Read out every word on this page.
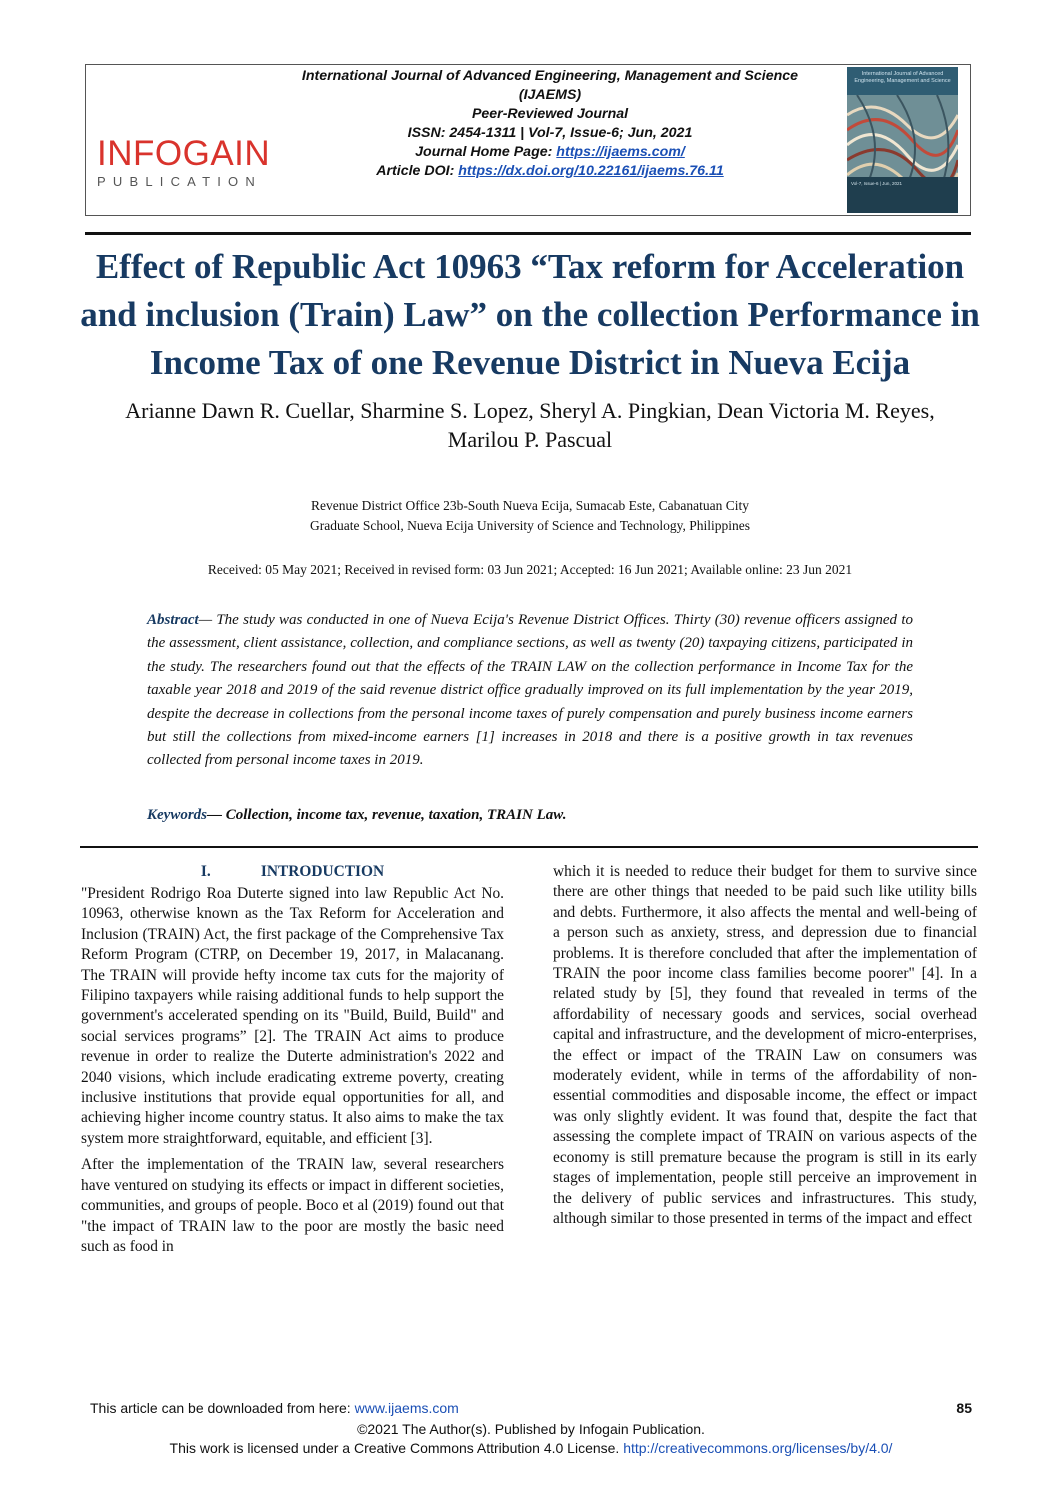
INFOGAIN
PUBLICATION
International Journal of Advanced Engineering, Management and Science
(IJAEMS)
Peer-Reviewed Journal
ISSN: 2454-1311 | Vol-7, Issue-6; Jun, 2021
Journal Home Page: https://ijaems.com/
Article DOI: https://dx.doi.org/10.22161/ijaems.76.11
International Journal of Advanced Engineering, Management and Science
Vol-7, Issue-6 | Jun, 2021
Effect of Republic Act 10963 “Tax reform for Acceleration and inclusion (Train) Law” on the collection Performance in Income Tax of one Revenue District in Nueva Ecija
Arianne Dawn R. Cuellar, Sharmine S. Lopez, Sheryl A. Pingkian, Dean Victoria M. Reyes, Marilou P. Pascual
Revenue District Office 23b-South Nueva Ecija, Sumacab Este, Cabanatuan City
Graduate School, Nueva Ecija University of Science and Technology, Philippines
Received: 05 May 2021; Received in revised form: 03 Jun 2021; Accepted: 16 Jun 2021; Available online: 23 Jun 2021
Abstract— The study was conducted in one of Nueva Ecija's Revenue District Offices. Thirty (30) revenue officers assigned to the assessment, client assistance, collection, and compliance sections, as well as twenty (20) taxpaying citizens, participated in the study. The researchers found out that the effects of the TRAIN LAW on the collection performance in Income Tax for the taxable year 2018 and 2019 of the said revenue district office gradually improved on its full implementation by the year 2019, despite the decrease in collections from the personal income taxes of purely compensation and purely business income earners but still the collections from mixed-income earners [1] increases in 2018 and there is a positive growth in tax revenues collected from personal income taxes in 2019.
Keywords— Collection, income tax, revenue, taxation, TRAIN Law.

I.	INTRODUCTION

"President Rodrigo Roa Duterte signed into law Republic Act No. 10963, otherwise known as the Tax Reform for Acceleration and Inclusion (TRAIN) Act, the first package of the Comprehensive Tax Reform Program (CTRP, on December 19, 2017, in Malacanang. The TRAIN will provide hefty income tax cuts for the majority of Filipino taxpayers while raising additional funds to help support the government's accelerated spending on its "Build, Build, Build" and social services programs” [2]. The TRAIN Act aims to produce revenue in order to realize the Duterte administration's 2022 and 2040 visions, which include eradicating extreme poverty, creating inclusive institutions that provide equal opportunities for all, and achieving higher income country status. It also aims to make the tax system more straightforward, equitable, and efficient [3].

After the implementation of the TRAIN law, several researchers have ventured on studying its effects or impact in different societies, communities, and groups of people. Boco et al (2019) found out that "the impact of TRAIN law to the poor are mostly the basic need such as food in

which it is needed to reduce their budget for them to survive since there are other things that needed to be paid such like utility bills and debts. Furthermore, it also affects the mental and well-being of a person such as anxiety, stress, and depression due to financial problems. It is therefore concluded that after the implementation of TRAIN the poor income class families become poorer" [4]. In a related study by [5], they found that revealed in terms of the affordability of necessary goods and services, social overhead capital and infrastructure, and the development of micro-enterprises, the effect or impact of the TRAIN Law on consumers was moderately evident, while in terms of the affordability of non-essential commodities and disposable income, the effect or impact was only slightly evident. It was found that, despite the fact that assessing the complete impact of TRAIN on various aspects of the economy is still premature because the program is still in its early stages of implementation, people still perceive an improvement in the delivery of public services and infrastructures. This study, although similar to those presented in terms of the impact and effect

This article can be downloaded from here: www.ijaems.com	85
©2021 The Author(s). Published by Infogain Publication.
This work is licensed under a Creative Commons Attribution 4.0 License. http://creativecommons.org/licenses/by/4.0/
